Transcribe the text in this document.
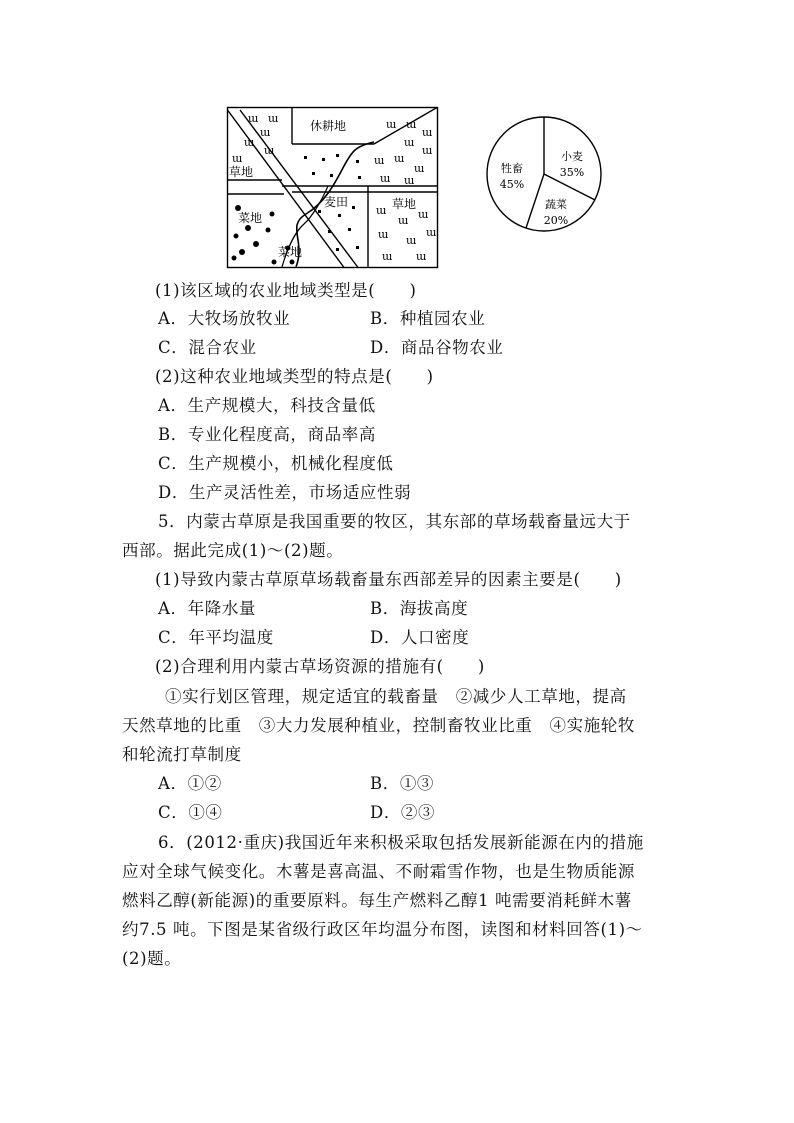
ɯ ɯ
ɯ
ɯ
ɯ
ɯ
ɯ ɯ
ɯ
ɯ
ɯ
ɯ ɯ
ɯ
ɯ ɯ
ɯ
ɯ ɯ
ɯ ɯ
ɯ
ɯ ɯ
休耕地
草地
菜地
麦田	草地
菜地
小麦
35%
蔬菜
20%
牲畜
45%
(1)该区域的农业地域类型是(　　)
A．大牧场放牧业	B．种植园农业
C．混合农业	D．商品谷物农业
(2)这种农业地域类型的特点是(　　)
A．生产规模大，科技含量低
B．专业化程度高，商品率高
C．生产规模小，机械化程度低
D．生产灵活性差，市场适应性弱
5．内蒙古草原是我国重要的牧区，其东部的草场载畜量远大于
西部。据此完成(1)～(2)题。
(1)导致内蒙古草原草场载畜量东西部差异的因素主要是(　　)
A．年降水量	B．海拔高度
C．年平均温度	D．人口密度
(2)合理利用内蒙古草场资源的措施有(　　)
①实行划区管理，规定适宜的载畜量　②减少人工草地，提高
天然草地的比重　③大力发展种植业，控制畜牧业比重　④实施轮牧
和轮流打草制度
A．①②	B．①③
C．①④	D．②③
6．(2012·重庆)我国近年来积极采取包括发展新能源在内的措施
应对全球气候变化。木薯是喜高温、不耐霜雪作物，也是生物质能源
燃料乙醇(新能源)的重要原料。每生产燃料乙醇1 吨需要消耗鲜木薯
约7.5 吨。下图是某省级行政区年均温分布图，读图和材料回答(1)～
(2)题。
